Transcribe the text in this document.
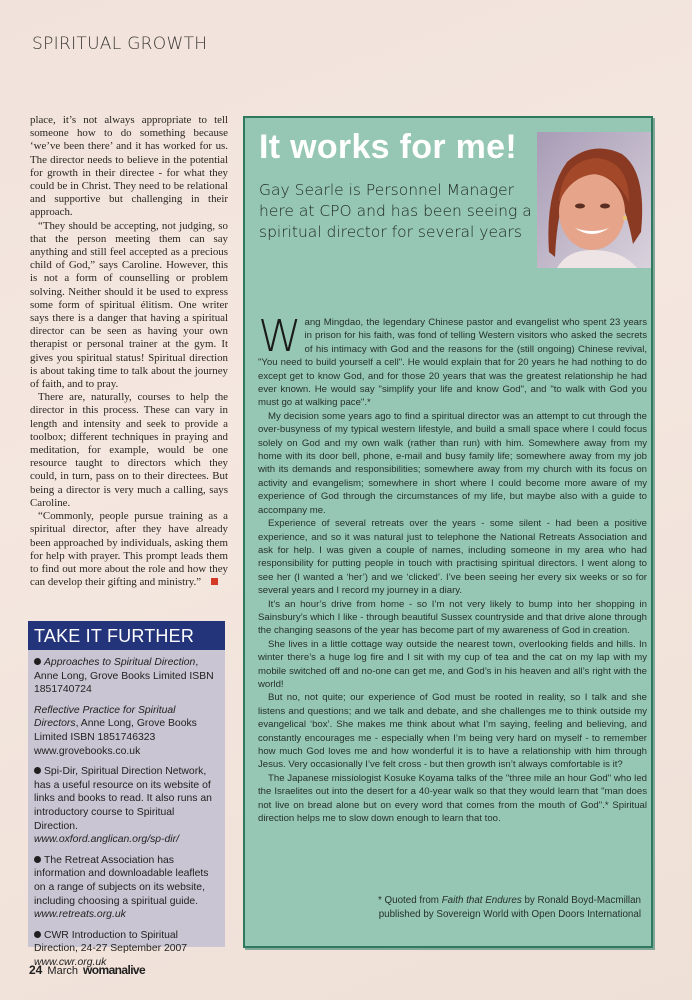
SPIRITUAL GROWTH

place, it’s not always appropriate to tell someone how to do something because ‘we’ve been there’ and it has worked for us. The director needs to believe in the potential for growth in their directee - for what they could be in Christ. They need to be relational and supportive but challenging in their approach.

“They should be accepting, not judging, so that the person meeting them can say anything and still feel accepted as a precious child of God,” says Caroline. However, this is not a form of counselling or problem solving. Neither should it be used to express some form of spiritual élitism. One writer says there is a danger that having a spiritual director can be seen as having your own therapist or personal trainer at the gym. It gives you spiritual status! Spiritual direction is about taking time to talk about the journey of faith, and to pray.

There are, naturally, courses to help the director in this process. These can vary in length and intensity and seek to provide a toolbox; different techniques in praying and meditation, for example, would be one resource taught to directors which they could, in turn, pass on to their directees. But being a director is very much a calling, says Caroline.

“Commonly, people pursue training as a spiritual director, after they have already been approached by individuals, asking them for help with prayer. This prompt leads them to find out more about the role and how they can develop their gifting and ministry.”

TAKE IT FURTHER
Approaches to Spiritual Direction, Anne Long, Grove Books Limited ISBN 1851740724
Reflective Practice for Spiritual Directors, Anne Long, Grove Books Limited ISBN 1851746323 www.grovebooks.co.uk
Spi-Dir, Spiritual Direction Network, has a useful resource on its website of links and books to read. It also runs an introductory course to Spiritual Direction.
www.oxford.anglican.org/sp-dir/
The Retreat Association has information and downloadable leaflets on a range of subjects on its website, including choosing a spiritual guide.
www.retreats.org.uk
CWR Introduction to Spiritual Direction, 24-27 September 2007
www.cwr.org.uk
24 March womanalive
It works for me!
Gay Searle is Personnel Manager here at CPO and has been seeing a spiritual director for several years

Wang Mingdao, the legendary Chinese pastor and evangelist who spent 23 years in prison for his faith, was fond of telling Western visitors who asked the secrets of his intimacy with God and the reasons for the (still ongoing) Chinese revival, "You need to build yourself a cell". He would explain that for 20 years he had nothing to do except get to know God, and for those 20 years that was the greatest relationship he had ever known. He would say "simplify your life and know God", and "to walk with God you must go at walking pace".*

My decision some years ago to find a spiritual director was an attempt to cut through the over-busyness of my typical western lifestyle, and build a small space where I could focus solely on God and my own walk (rather than run) with him. Somewhere away from my home with its door bell, phone, e-mail and busy family life; somewhere away from my job with its demands and responsibilities; somewhere away from my church with its focus on activity and evangelism; somewhere in short where I could become more aware of my experience of God through the circumstances of my life, but maybe also with a guide to accompany me.

Experience of several retreats over the years - some silent - had been a positive experience, and so it was natural just to telephone the National Retreats Association and ask for help. I was given a couple of names, including someone in my area who had responsibility for putting people in touch with practising spiritual directors. I went along to see her (I wanted a ‘her’) and we ‘clicked’. I’ve been seeing her every six weeks or so for several years and I record my journey in a diary.

It’s an hour’s drive from home - so I’m not very likely to bump into her shopping in Sainsbury’s which I like - through beautiful Sussex countryside and that drive alone through the changing seasons of the year has become part of my awareness of God in creation.

She lives in a little cottage way outside the nearest town, overlooking fields and hills. In winter there’s a huge log fire and I sit with my cup of tea and the cat on my lap with my mobile switched off and no-one can get me, and God’s in his heaven and all’s right with the world!

But no, not quite; our experience of God must be rooted in reality, so I talk and she listens and questions; and we talk and debate, and she challenges me to think outside my evangelical ‘box’. She makes me think about what I’m saying, feeling and believing, and constantly encourages me - especially when I’m being very hard on myself - to remember how much God loves me and how wonderful it is to have a relationship with him through Jesus. Very occasionally I’ve felt cross - but then growth isn’t always comfortable is it?

The Japanese missiologist Kosuke Koyama talks of the "three mile an hour God" who led the Israelites out into the desert for a 40-year walk so that they would learn that "man does not live on bread alone but on every word that comes from the mouth of God".* Spiritual direction helps me to slow down enough to learn that too.

* Quoted from Faith that Endures by Ronald Boyd-Macmillan published by Sovereign World with Open Doors International
